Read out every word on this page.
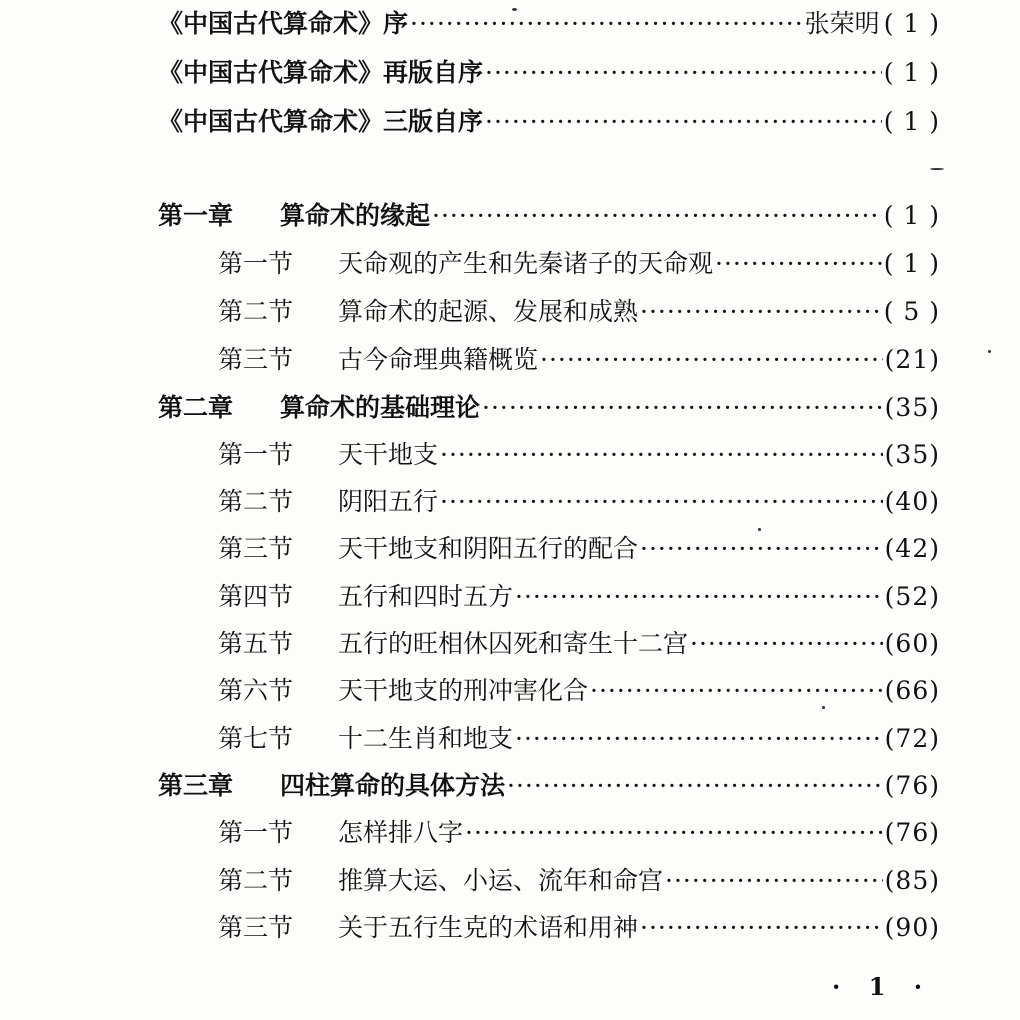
《中国古代算命术》序 ·····	张荣明 ( 1 )
《中国古代算命术》再版自序 ·····	( 1 )
《中国古代算命术》三版自序 ·····	( 1 )
第一章 算命术的缘起 ·····	( 1 )
第一节 天命观的产生和先秦诸子的天命观 ·····	( 1 )
第二节 算命术的起源、发展和成熟 ·····	( 5 )
第三节 古今命理典籍概览 ·····	(21)
第二章 算命术的基础理论 ·····	(35)
第一节 天干地支 ·····	(35)
第二节 阴阳五行 ·····	(40)
第三节 天干地支和阴阳五行的配合 ·····	(42)
第四节 五行和四时五方 ·····	(52)
第五节 五行的旺相休囚死和寄生十二宫 ·····	(60)
第六节 天干地支的刑冲害化合 ·····	(66)
第七节 十二生肖和地支 ·····	(72)
第三章 四柱算命的具体方法 ·····	(76)
第一节 怎样排八字 ·····	(76)
第二节 推算大运、小运、流年和命宫 ·····	(85)
第三节 关于五行生克的术语和用神 ·····	(90)
· 1 ·
